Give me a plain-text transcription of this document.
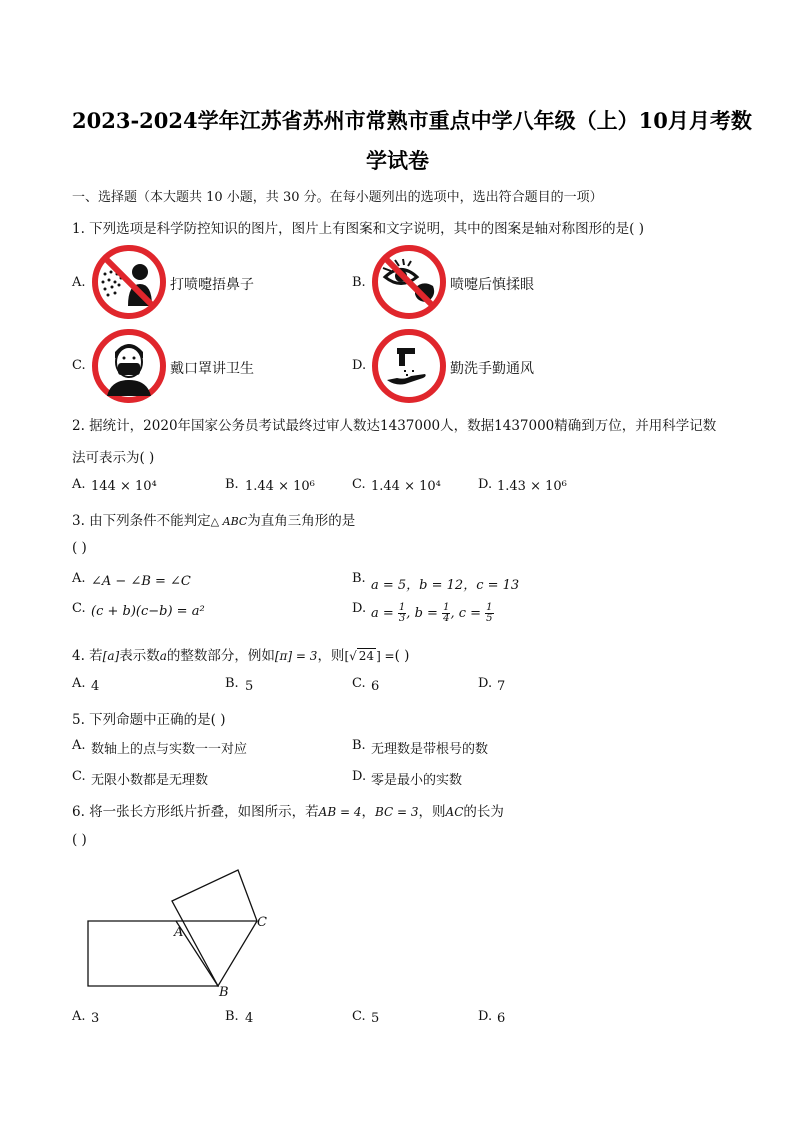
2023-2024学年江苏省苏州市常熟市重点中学八年级（上）10月月考数
学试卷
一、选择题（本大题共 10 小题，共 30 分。在每小题列出的选项中，选出符合题目的一项）
1. 下列选项是科学防控知识的图片，图片上有图案和文字说明，其中的图案是轴对称图形的是( )
A.	打喷嚏捂鼻子	B.	喷嚏后慎揉眼
C.	戴口罩讲卫生	D.	勤洗手勤通风
2. 据统计，2020年国家公务员考试最终过审人数达1437000人，数据1437000精确到万位，并用科学记数
法可表示为( )
A. 144 × 10⁴	B. 1.44 × 10⁶	C. 1.44 × 10⁴	D. 1.43 × 10⁶
3. 由下列条件不能判定△ ABC为直角三角形的是
( )
A. ∠A − ∠B = ∠C	B. a = 5，b = 12，c = 13
C. (c + b)(c−b) = a²	D. $a = \frac{1}{3}$ , $b = \frac{1}{4}$ , $c = \frac{1}{5}$
4. 若[a]表示数a的整数部分，例如[π] = 3，则[√ 24 ] =( )
A. 4	B. 5	C. 6	D. 7
5. 下列命题中正确的是( )
A. 数轴上的点与实数一一对应	B. 无理数是带根号的数
C. 无限小数都是无理数	D. 零是最小的实数
6. 将一张长方形纸片折叠，如图所示，若AB = 4，BC = 3，则AC的长为
( )
A
C
B
A. 3	B. 4	C. 5	D. 6
